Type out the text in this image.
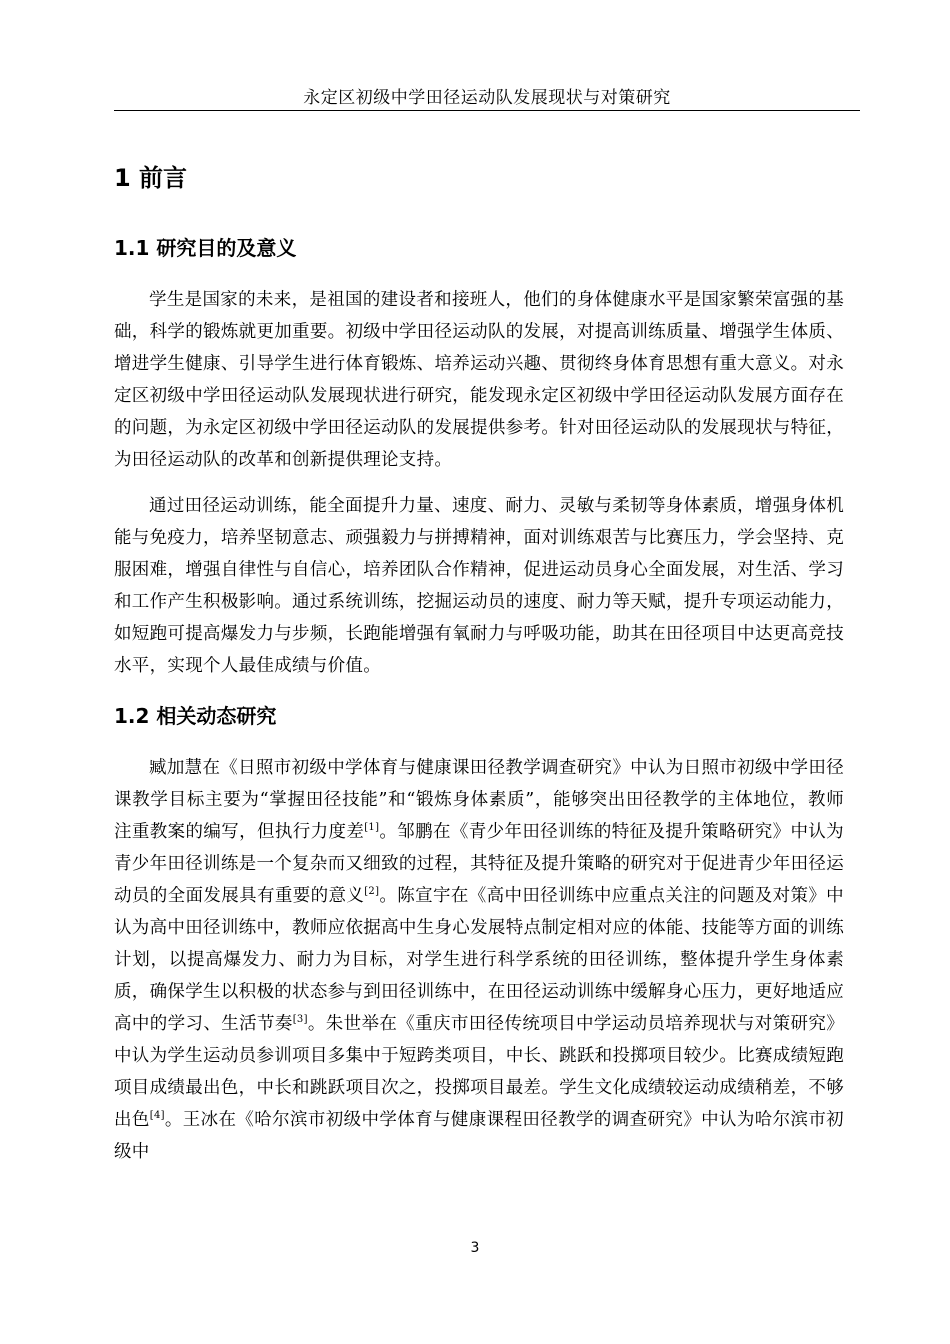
永定区初级中学田径运动队发展现状与对策研究
1 前言
1.1 研究目的及意义

学生是国家的未来，是祖国的建设者和接班人，他们的身体健康水平是国家繁荣富强的基础，科学的锻炼就更加重要。初级中学田径运动队的发展，对提高训练质量、增强学生体质、增进学生健康、引导学生进行体育锻炼、培养运动兴趣、贯彻终身体育思想有重大意义。对永定区初级中学田径运动队发展现状进行研究，能发现永定区初级中学田径运动队发展方面存在的问题，为永定区初级中学田径运动队的发展提供参考。针对田径运动队的发展现状与特征，为田径运动队的改革和创新提供理论支持。

通过田径运动训练，能全面提升力量、速度、耐力、灵敏与柔韧等身体素质，增强身体机能与免疫力，培养坚韧意志、顽强毅力与拼搏精神，面对训练艰苦与比赛压力，学会坚持、克服困难，增强自律性与自信心，培养团队合作精神，促进运动员身心全面发展，对生活、学习和工作产生积极影响。通过系统训练，挖掘运动员的速度、耐力等天赋，提升专项运动能力，如短跑可提高爆发力与步频，长跑能增强有氧耐力与呼吸功能，助其在田径项目中达更高竞技水平，实现个人最佳成绩与价值。

1.2 相关动态研究

臧加慧在《日照市初级中学体育与健康课田径教学调查研究》中认为日照市初级中学田径课教学目标主要为“掌握田径技能”和“锻炼身体素质”，能够突出田径教学的主体地位，教师注重教案的编写，但执行力度差[1]。邹鹏在《青少年田径训练的特征及提升策略研究》中认为青少年田径训练是一个复杂而又细致的过程，其特征及提升策略的研究对于促进青少年田径运动员的全面发展具有重要的意义[2]。陈宣宇在《高中田径训练中应重点关注的问题及对策》中认为高中田径训练中，教师应依据高中生身心发展特点制定相对应的体能、技能等方面的训练计划，以提高爆发力、耐力为目标，对学生进行科学系统的田径训练，整体提升学生身体素质，确保学生以积极的状态参与到田径训练中，在田径运动训练中缓解身心压力，更好地适应高中的学习、生活节奏[3]。朱世举在《重庆市田径传统项目中学运动员培养现状与对策研究》中认为学生运动员参训项目多集中于短跨类项目，中长、跳跃和投掷项目较少。比赛成绩短跑项目成绩最出色，中长和跳跃项目次之，投掷项目最差。学生文化成绩较运动成绩稍差，不够出色[4]。王冰在《哈尔滨市初级中学体育与健康课程田径教学的调查研究》中认为哈尔滨市初级中

3
